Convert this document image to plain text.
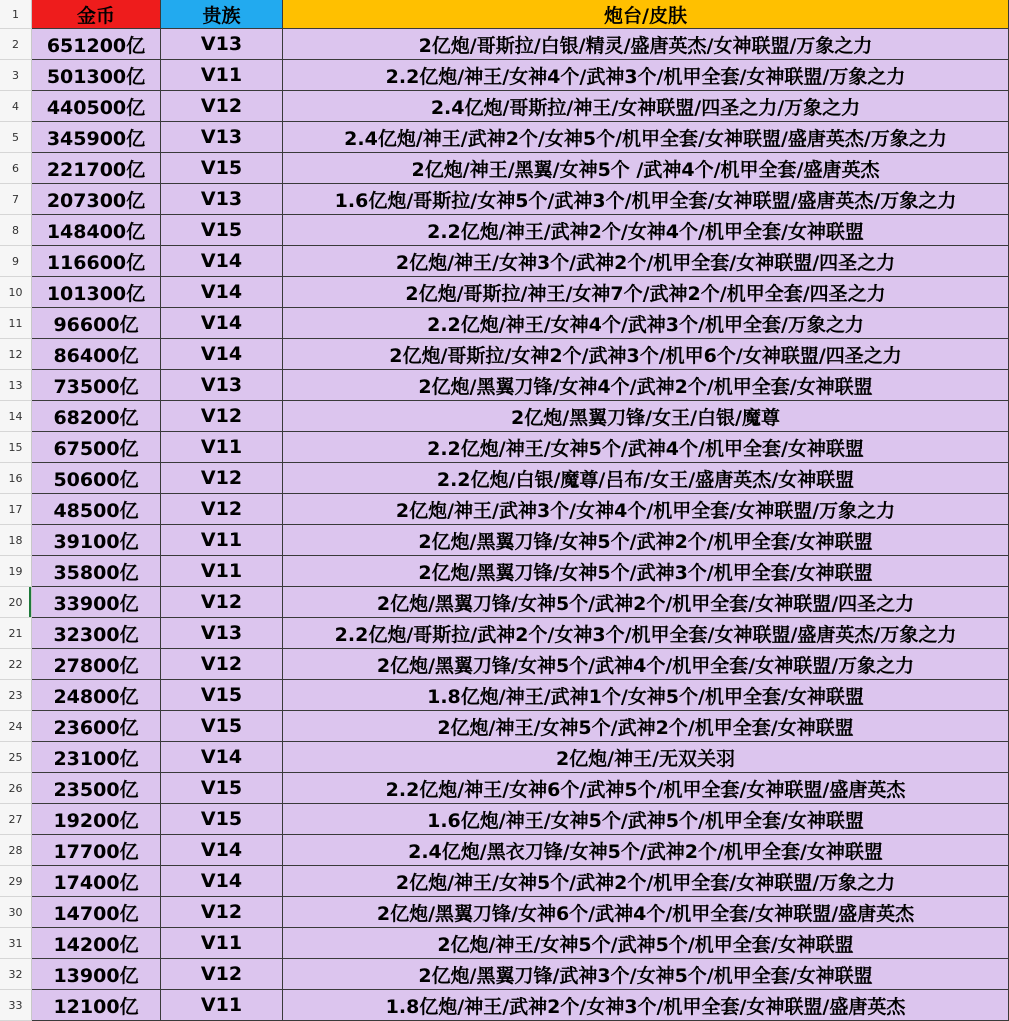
1	金币	贵族	炮台/皮肤
2	651200亿	V13	2亿炮/哥斯拉/白银/精灵/盛唐英杰/女神联盟/万象之力
3	501300亿	V11	2.2亿炮/神王/女神4个/武神3个/机甲全套/女神联盟/万象之力
4	440500亿	V12	2.4亿炮/哥斯拉/神王/女神联盟/四圣之力/万象之力
5	345900亿	V13	2.4亿炮/神王/武神2个/女神5个/机甲全套/女神联盟/盛唐英杰/万象之力
6	221700亿	V15	2亿炮/神王/黑翼/女神5个 /武神4个/机甲全套/盛唐英杰
7	207300亿	V13	1.6亿炮/哥斯拉/女神5个/武神3个/机甲全套/女神联盟/盛唐英杰/万象之力
8	148400亿	V15	2.2亿炮/神王/武神2个/女神4个/机甲全套/女神联盟
9	116600亿	V14	2亿炮/神王/女神3个/武神2个/机甲全套/女神联盟/四圣之力
10	101300亿	V14	2亿炮/哥斯拉/神王/女神7个/武神2个/机甲全套/四圣之力
11	96600亿	V14	2.2亿炮/神王/女神4个/武神3个/机甲全套/万象之力
12	86400亿	V14	2亿炮/哥斯拉/女神2个/武神3个/机甲6个/女神联盟/四圣之力
13	73500亿	V13	2亿炮/黑翼刀锋/女神4个/武神2个/机甲全套/女神联盟
14	68200亿	V12	2亿炮/黑翼刀锋/女王/白银/魔尊
15	67500亿	V11	2.2亿炮/神王/女神5个/武神4个/机甲全套/女神联盟
16	50600亿	V12	2.2亿炮/白银/魔尊/吕布/女王/盛唐英杰/女神联盟
17	48500亿	V12	2亿炮/神王/武神3个/女神4个/机甲全套/女神联盟/万象之力
18	39100亿	V11	2亿炮/黑翼刀锋/女神5个/武神2个/机甲全套/女神联盟
19	35800亿	V11	2亿炮/黑翼刀锋/女神5个/武神3个/机甲全套/女神联盟
20	33900亿	V12	2亿炮/黑翼刀锋/女神5个/武神2个/机甲全套/女神联盟/四圣之力
21	32300亿	V13	2.2亿炮/哥斯拉/武神2个/女神3个/机甲全套/女神联盟/盛唐英杰/万象之力
22	27800亿	V12	2亿炮/黑翼刀锋/女神5个/武神4个/机甲全套/女神联盟/万象之力
23	24800亿	V15	1.8亿炮/神王/武神1个/女神5个/机甲全套/女神联盟
24	23600亿	V15	2亿炮/神王/女神5个/武神2个/机甲全套/女神联盟
25	23100亿	V14	2亿炮/神王/无双关羽
26	23500亿	V15	2.2亿炮/神王/女神6个/武神5个/机甲全套/女神联盟/盛唐英杰
27	19200亿	V15	1.6亿炮/神王/女神5个/武神5个/机甲全套/女神联盟
28	17700亿	V14	2.4亿炮/黑衣刀锋/女神5个/武神2个/机甲全套/女神联盟
29	17400亿	V14	2亿炮/神王/女神5个/武神2个/机甲全套/女神联盟/万象之力
30	14700亿	V12	2亿炮/黑翼刀锋/女神6个/武神4个/机甲全套/女神联盟/盛唐英杰
31	14200亿	V11	2亿炮/神王/女神5个/武神5个/机甲全套/女神联盟
32	13900亿	V12	2亿炮/黑翼刀锋/武神3个/女神5个/机甲全套/女神联盟
33	12100亿	V11	1.8亿炮/神王/武神2个/女神3个/机甲全套/女神联盟/盛唐英杰
